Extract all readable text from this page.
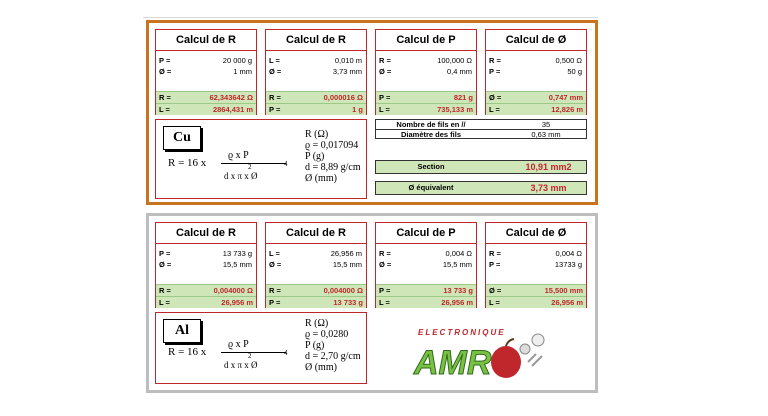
Calcul de R
P =	20 000 g
Ø =	1 mm
R =	62,343642 Ω
L =	2864,431 m
Calcul de R
L =	0,010 m
Ø =	3,73 mm
R =	0,000016 Ω
P =	1 g
Calcul de P
R =	100,000 Ω
Ø =	0,4 mm
P =	821 g
L =	735,133 m
Calcul de Ø
R =	0,500 Ω
P =	50 g
Ø =	0,747 mm
L =	12,826 m
Cu
R = 16 x
ϱ x P
2	4
d x π x Ø
R (Ω)
ϱ = 0,017094
P (g)
d = 8,89 g/cm
Ø (mm)
Nombre de fils en //	35
Diamètre des fils	0,63 mm
Section	10,91 mm2
Ø équivalent	3,73 mm
Calcul de R
P =	13 733 g
Ø =	15,5 mm
R =	0,004000 Ω
L =	26,956 m
Calcul de R
L =	26,956 m
Ø =	15,5 mm
R =	0,004000 Ω
P =	13 733 g
Calcul de P
R =	0,004 Ω
Ø =	15,5 mm
P =	13 733 g
L =	26,956 m
Calcul de Ø
R =	0,004 Ω
P =	13733 g
Ø =	15,500 mm
L =	26,956 m
Al
R = 16 x
ϱ x P
2	4
d x π x Ø
R (Ω)
ϱ = 0,0280
P (g)
d = 2,70 g/cm
Ø (mm)
ELECTRONIQUE
AMR
